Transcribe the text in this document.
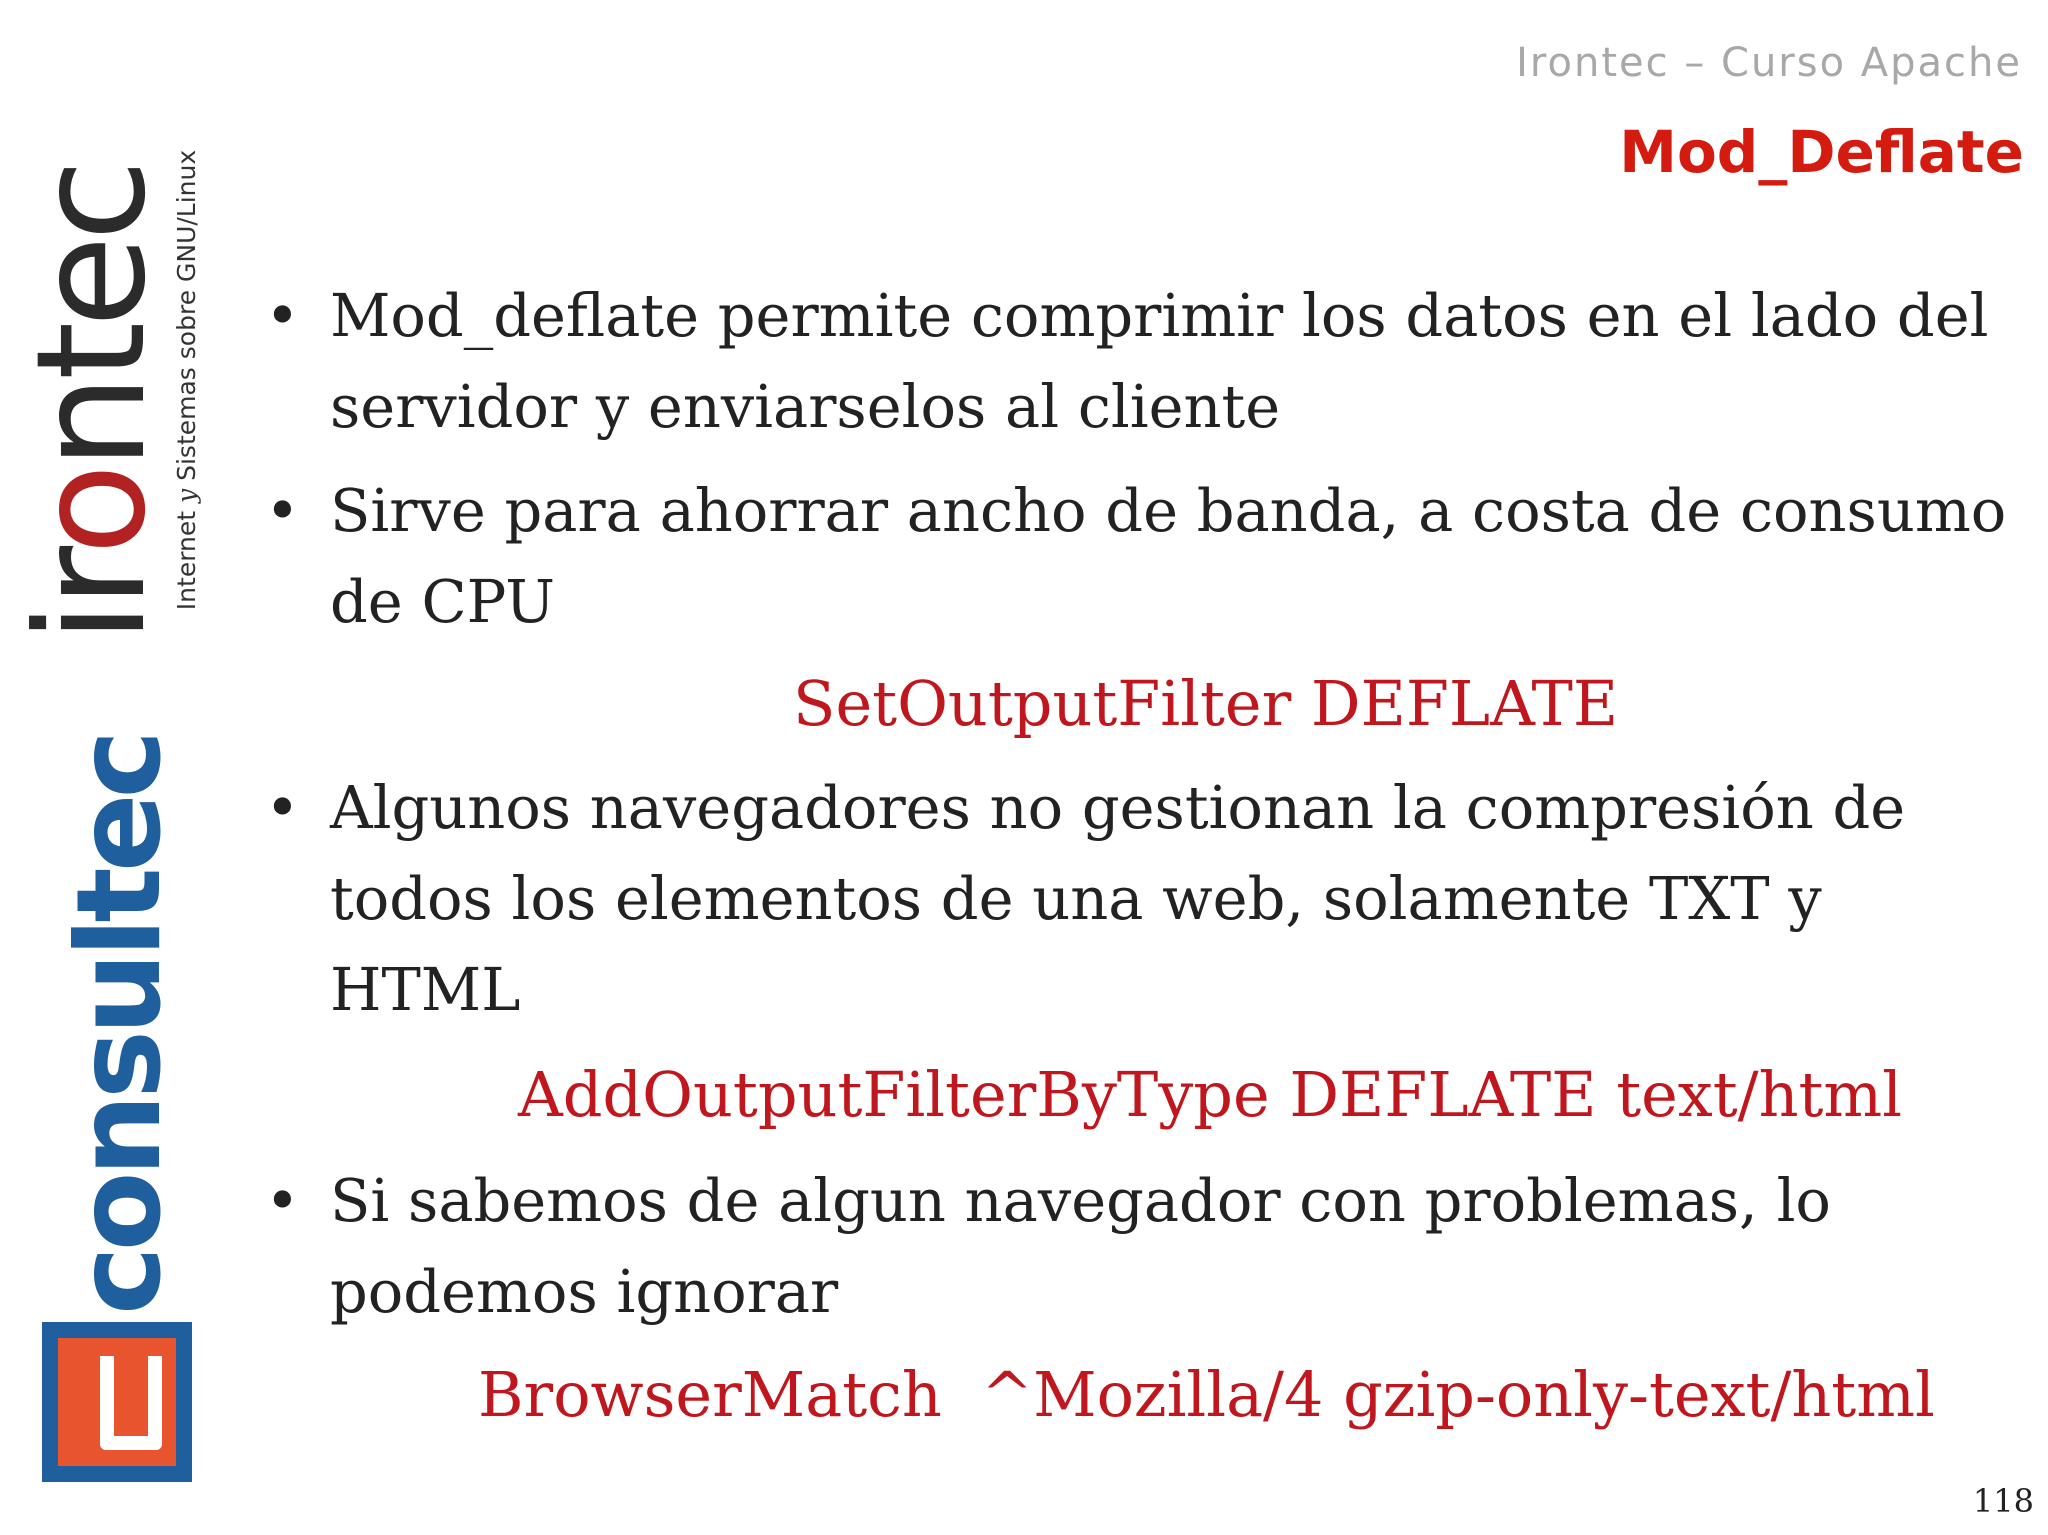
irontec
Internet y Sistemas sobre GNU/Linux
consultec
Irontec – Curso Apache
Mod_Deflate
• Mod_deflate permite comprimir los datos en el lado del servidor y enviarselos al cliente
• Sirve para ahorrar ancho de banda, a costa de consumo de CPU
SetOutputFilter DEFLATE
• Algunos navegadores no gestionan la compresión de todos los elementos de una web, solamente TXT y HTML
AddOutputFilterByType DEFLATE text/html
• Si sabemos de algun navegador con problemas, lo podemos ignorar
BrowserMatch  ^Mozilla/4 gzip-only-text/html
118
